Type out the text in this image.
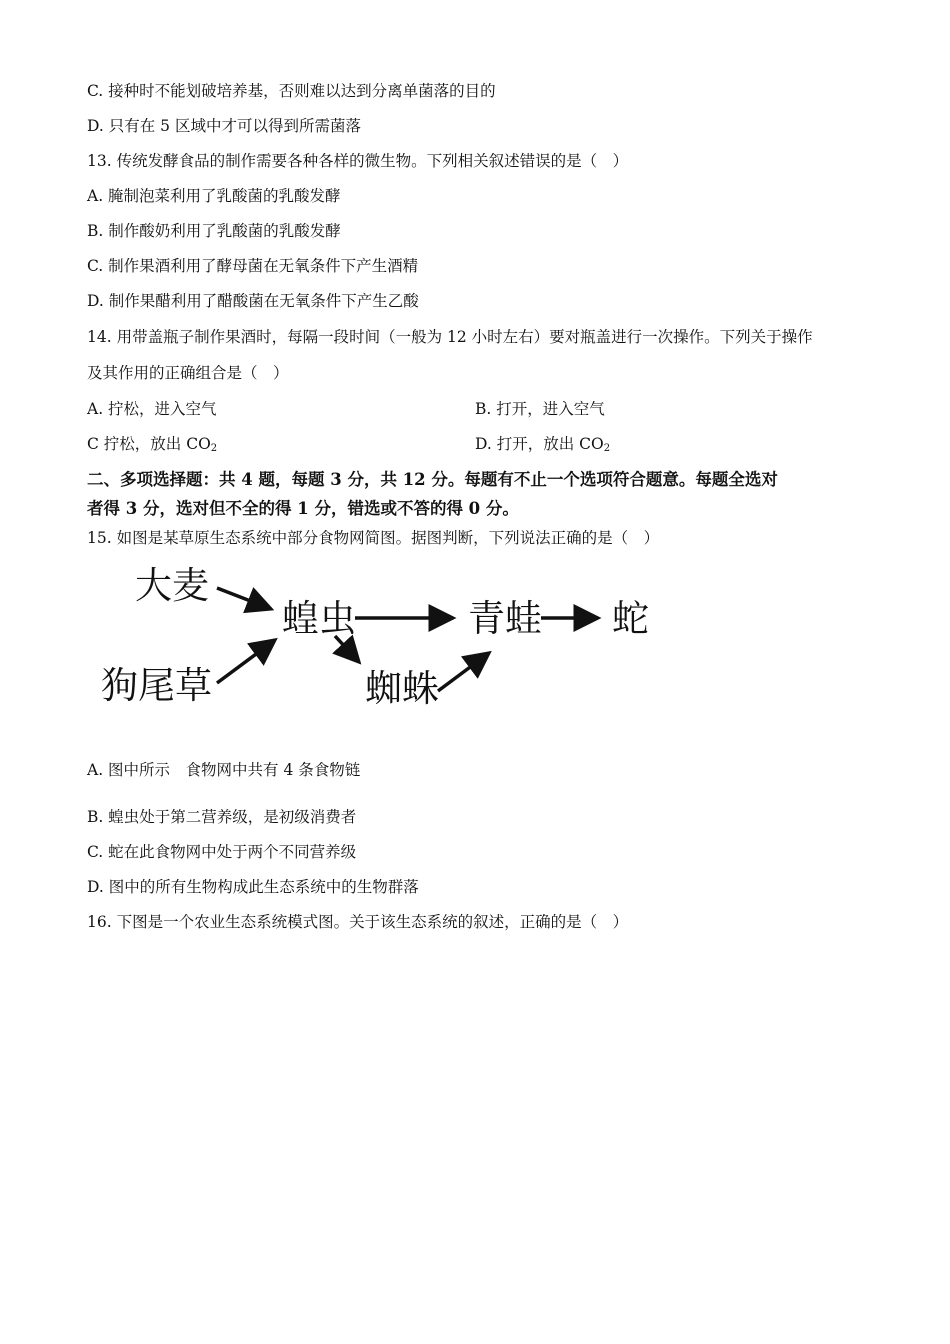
C. 接种时不能划破培养基，否则难以达到分离单菌落的目的
D. 只有在 5 区域中才可以得到所需菌落
13. 传统发酵食品的制作需要各种各样的微生物。下列相关叙述错误的是（　）
A. 腌制泡菜利用了乳酸菌的乳酸发酵
B. 制作酸奶利用了乳酸菌的乳酸发酵
C. 制作果酒利用了酵母菌在无氧条件下产生酒精
D. 制作果醋利用了醋酸菌在无氧条件下产生乙酸
14. 用带盖瓶子制作果酒时，每隔一段时间（一般为 12 小时左右）要对瓶盖进行一次操作。下列关于操作
及其作用的正确组合是（　）
A. 拧松，进入空气	B. 打开，进入空气
C 拧松，放出 $CO_2$	D. 打开，放出 $CO_2$
二、多项选择题：共 4 题，每题 3 分，共 12 分。每题有不止一个选项符合题意。每题全选对
者得 3 分，选对但不全的得 1 分，错选或不答的得 0 分。
15. 如图是某草原生态系统中部分食物网简图。据图判断，下列说法正确的是（　）
大麦
狗尾草
蝗虫
蜘蛛
青蛙 蛇
A. 图中所示　食物网中共有 4 条食物链
B. 蝗虫处于第二营养级，是初级消费者
C. 蛇在此食物网中处于两个不同营养级
D. 图中的所有生物构成此生态系统中的生物群落
16. 下图是一个农业生态系统模式图。关于该生态系统的叙述，正确的是（　）
